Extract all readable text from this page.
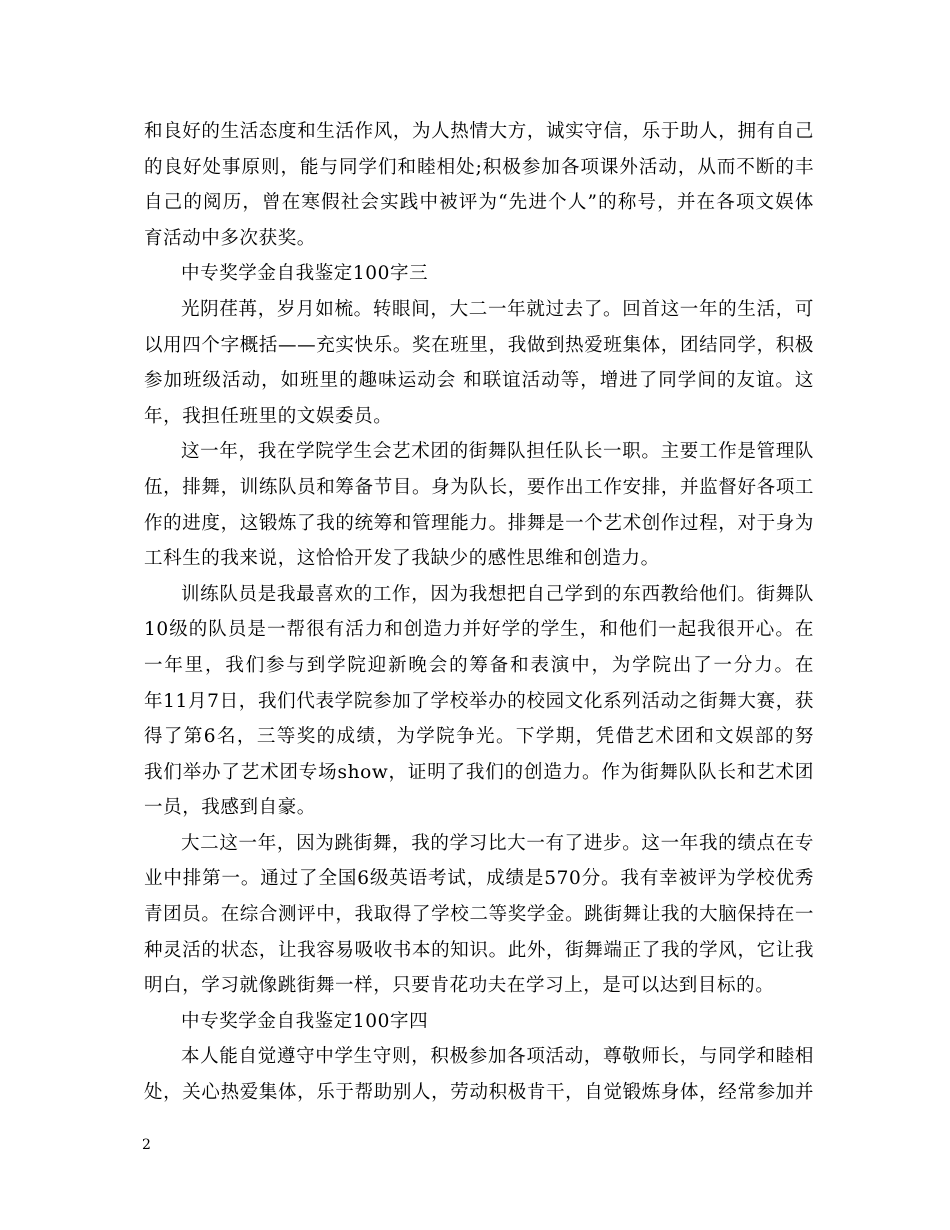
和良好的生活态度和生活作风，为人热情大方，诚实守信，乐于助人，拥有自己
的良好处事原则，能与同学们和睦相处;积极参加各项课外活动，从而不断的丰
自己的阅历，曾在寒假社会实践中被评为“先进个人”的称号，并在各项文娱体
育活动中多次获奖。
中专奖学金自我鉴定100字三
光阴荏苒，岁月如梳。转眼间，大二一年就过去了。回首这一年的生活，可
以用四个字概括——充实快乐。奖在班里，我做到热爱班集体，团结同学，积极
参加班级活动，如班里的趣味运动会 和联谊活动等，增进了同学间的友谊。这
年，我担任班里的文娱委员。
这一年，我在学院学生会艺术团的街舞队担任队长一职。主要工作是管理队
伍，排舞，训练队员和筹备节目。身为队长，要作出工作安排，并监督好各项工
作的进度，这锻炼了我的统筹和管理能力。排舞是一个艺术创作过程，对于身为
工科生的我来说，这恰恰开发了我缺少的感性思维和创造力。
训练队员是我最喜欢的工作，因为我想把自己学到的东西教给他们。街舞队
10级的队员是一帮很有活力和创造力并好学的学生，和他们一起我很开心。在
一年里，我们参与到学院迎新晚会的筹备和表演中，为学院出了一分力。在
年11月7日，我们代表学院参加了学校举办的校园文化系列活动之街舞大赛，获
得了第6名，三等奖的成绩，为学院争光。下学期，凭借艺术团和文娱部的努
我们举办了艺术团专场show，证明了我们的创造力。作为街舞队队长和艺术团
一员，我感到自豪。
大二这一年，因为跳街舞，我的学习比大一有了进步。这一年我的绩点在专
业中排第一。通过了全国6级英语考试，成绩是570分。我有幸被评为学校优秀
青团员。在综合测评中，我取得了学校二等奖学金。跳街舞让我的大脑保持在一
种灵活的状态，让我容易吸收书本的知识。此外，街舞端正了我的学风，它让我
明白，学习就像跳街舞一样，只要肯花功夫在学习上，是可以达到目标的。
中专奖学金自我鉴定100字四
本人能自觉遵守中学生守则，积极参加各项活动，尊敬师长，与同学和睦相
处，关心热爱集体，乐于帮助别人，劳动积极肯干，自觉锻炼身体，经常参加并
2
